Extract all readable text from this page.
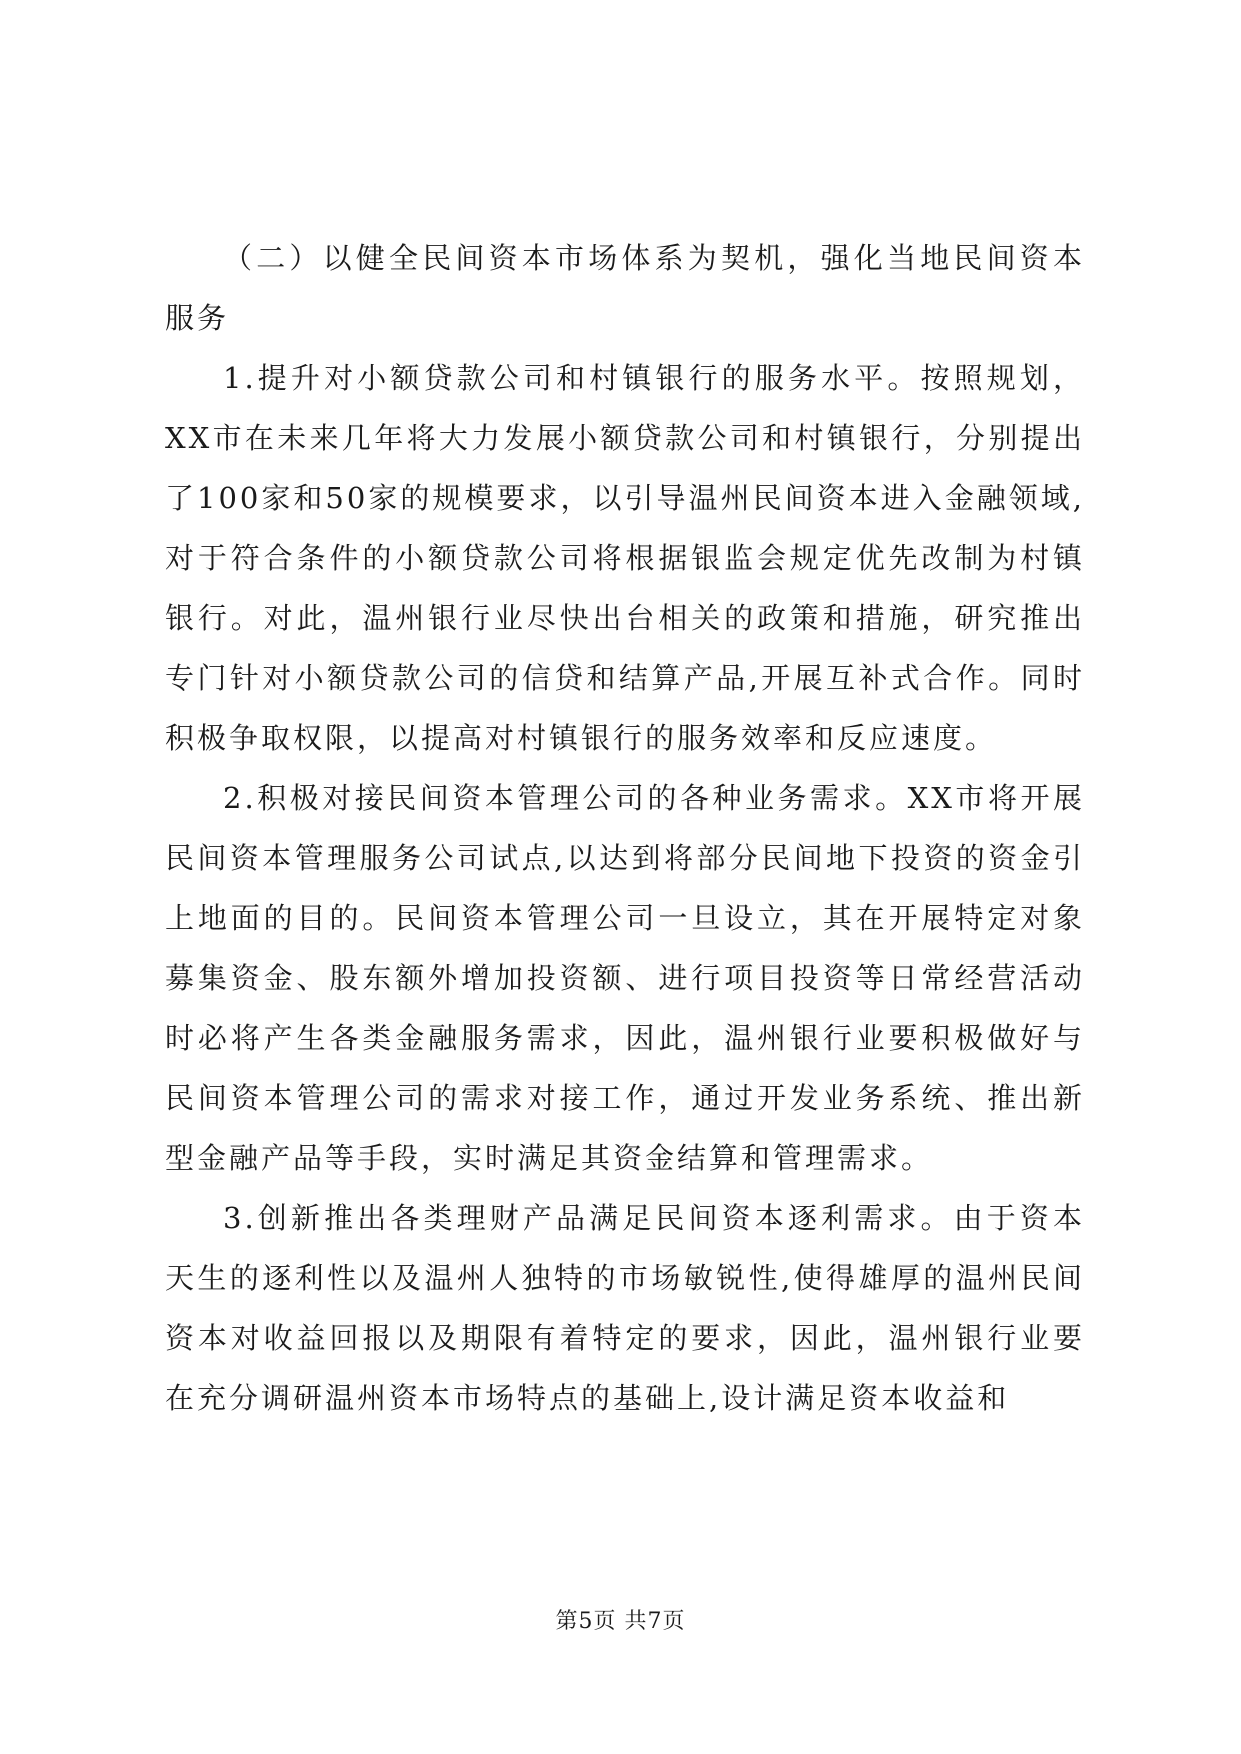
（二）以健全民间资本市场体系为契机，强化当地民间资本服务

1.提升对小额贷款公司和村镇银行的服务水平。按照规划，XX市在未来几年将大力发展小额贷款公司和村镇银行，分别提出了100家和50家的规模要求，以引导温州民间资本进入金融领域,对于符合条件的小额贷款公司将根据银监会规定优先改制为村镇银行。对此，温州银行业尽快出台相关的政策和措施，研究推出专门针对小额贷款公司的信贷和结算产品,开展互补式合作。同时积极争取权限，以提高对村镇银行的服务效率和反应速度。

2.积极对接民间资本管理公司的各种业务需求。XX市将开展民间资本管理服务公司试点,以达到将部分民间地下投资的资金引上地面的目的。民间资本管理公司一旦设立，其在开展特定对象募集资金、股东额外增加投资额、进行项目投资等日常经营活动时必将产生各类金融服务需求，因此，温州银行业要积极做好与民间资本管理公司的需求对接工作，通过开发业务系统、推出新型金融产品等手段，实时满足其资金结算和管理需求。

3.创新推出各类理财产品满足民间资本逐利需求。由于资本天生的逐利性以及温州人独特的市场敏锐性,使得雄厚的温州民间资本对收益回报以及期限有着特定的要求，因此，温州银行业要在充分调研温州资本市场特点的基础上,设计满足资本收益和

第5页 共7页
